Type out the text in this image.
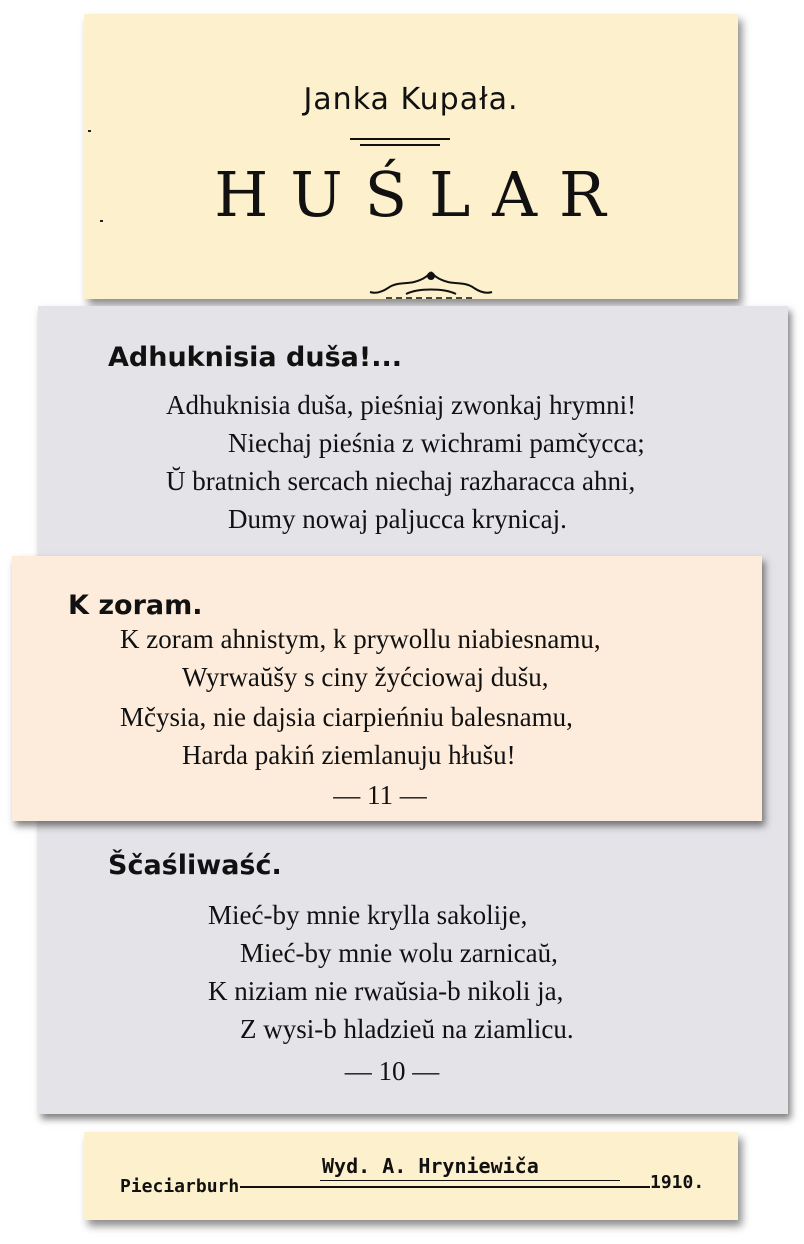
Janka Kupała.
HUŚLAR
Adhuknisia duša!...
Adhuknisia duša, pieśniaj zwonkaj hrymni!
Niechaj pieśnia z wichrami pamčycca;
Ŭ bratnich sercach niechaj razharacca ahni,
Dumy nowaj paljucca krynicaj.
Ščaśliwaść.
Mieć-by mnie krylla sakolije,
Mieć-by mnie wolu zarnicaŭ,
K niziam nie rwaŭsia-b nikoli ja,
Z wysi-b hladzieŭ na ziamlicu.
— 10 —
K zoram.
K zoram ahnistym, k prywollu niabiesnamu,
Wyrwaŭšy s ciny žyćciowaj dušu,
Mčysia, nie dajsia ciarpieńniu balesnamu,
Harda pakiń ziemlanuju hłušu!
— 11 —
Wyd. A. Hryniewiča
Pieciarburh	1910.
